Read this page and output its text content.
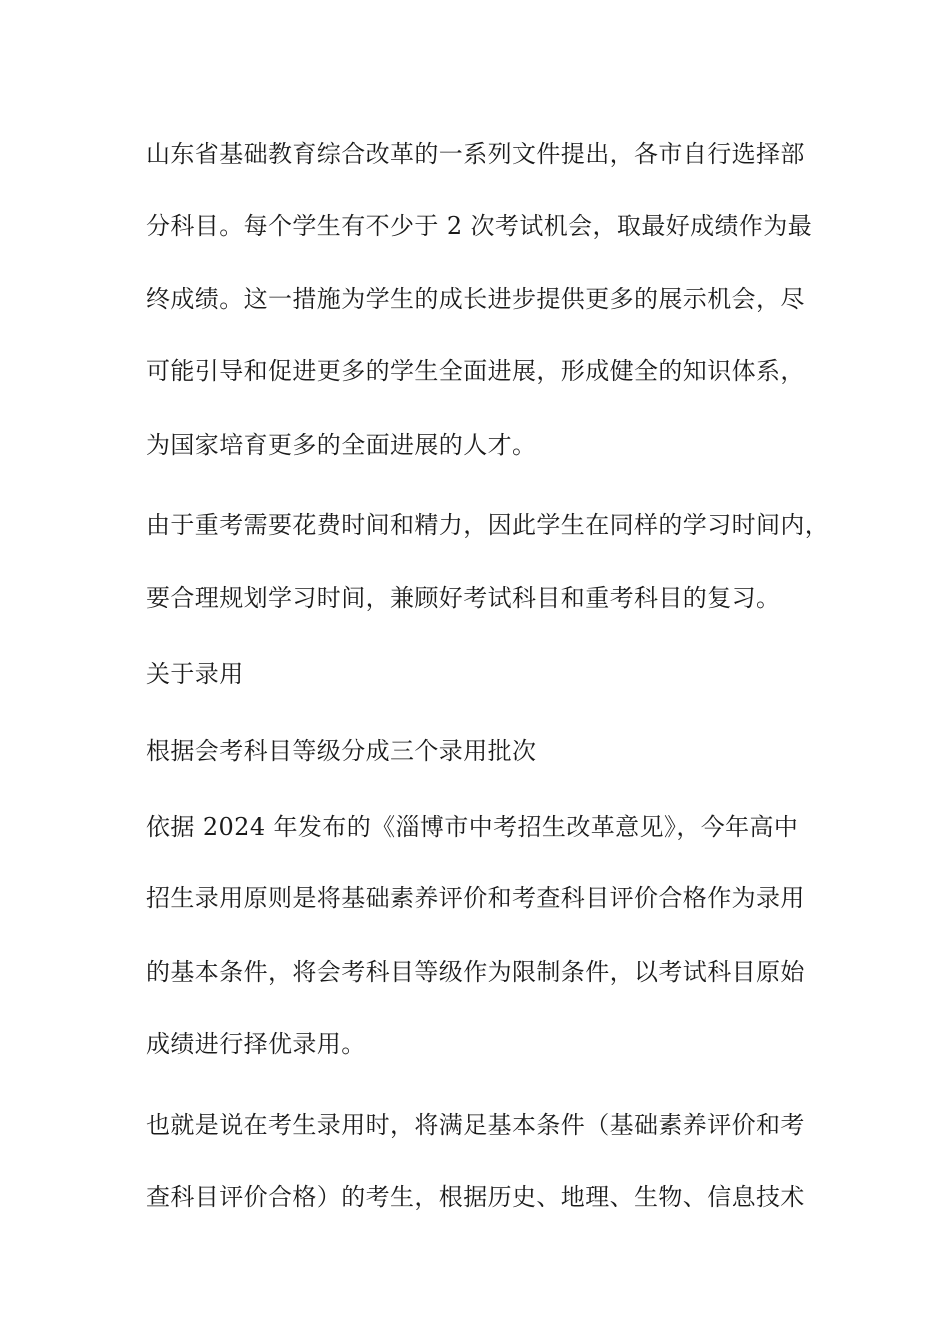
山东省基础教育综合改革的一系列文件提出，各市自行选择部
分科目。每个学生有不少于 2 次考试机会，取最好成绩作为最
终成绩。这一措施为学生的成长进步提供更多的展示机会，尽
可能引导和促进更多的学生全面进展，形成健全的知识体系，
为国家培育更多的全面进展的人才。
由于重考需要花费时间和精力，因此学生在同样的学习时间内，
要合理规划学习时间，兼顾好考试科目和重考科目的复习。
关于录用
根据会考科目等级分成三个录用批次
依据 2024 年发布的《淄博市中考招生改革意见》，今年高中
招生录用原则是将基础素养评价和考查科目评价合格作为录用
的基本条件，将会考科目等级作为限制条件，以考试科目原始
成绩进行择优录用。
也就是说在考生录用时，将满足基本条件（基础素养评价和考
查科目评价合格）的考生，根据历史、地理、生物、信息技术
